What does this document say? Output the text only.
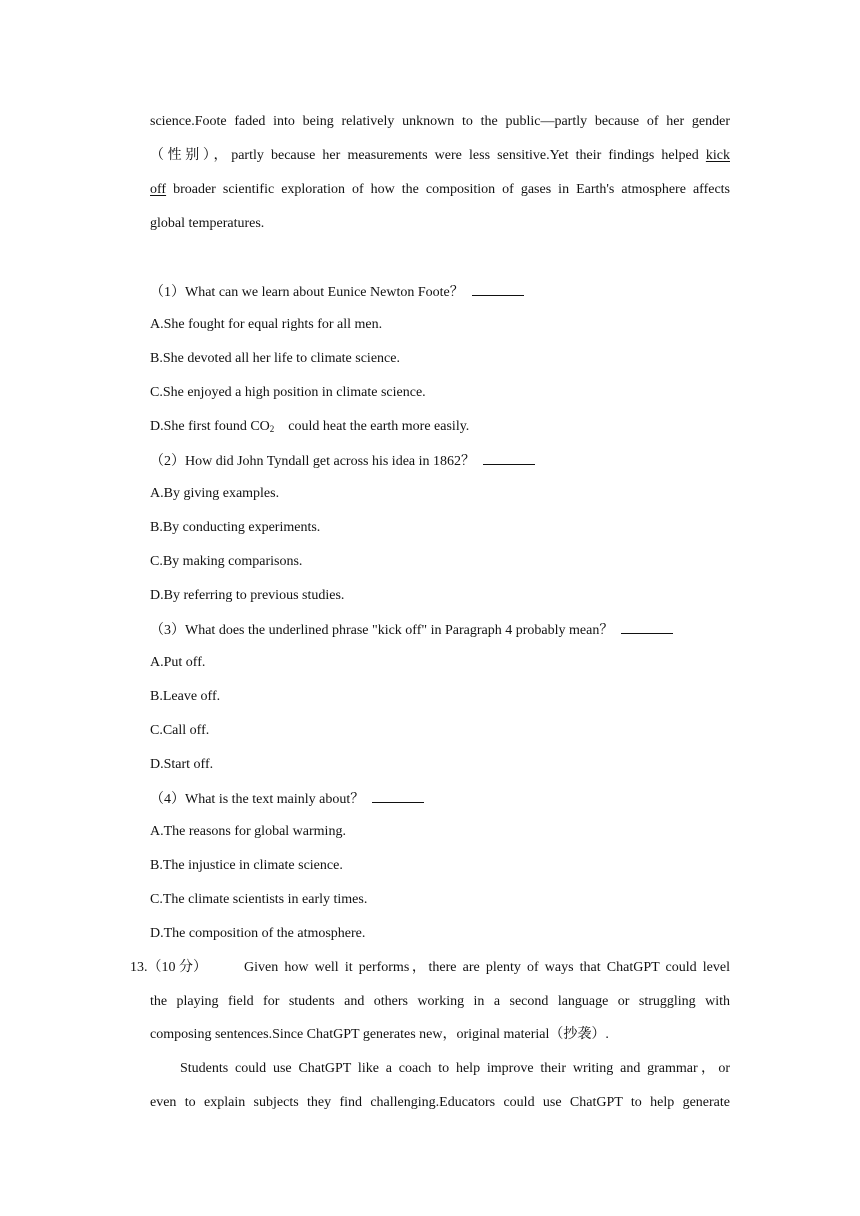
science.Foote faded into being relatively unknown to the public—partly because of her gender
（性别），partly because her measurements were less sensitive.Yet their findings helped kick
off broader scientific exploration of how the composition of gases in Earth's atmosphere affects
global temperatures.
（1）What can we learn about Eunice Newton Foote？
A.She fought for equal rights for all men.
B.She devoted all her life to climate science.
C.She enjoyed a high position in climate science.
D.She first found $CO_2$ could heat the earth more easily.
（2）How did John Tyndall get across his idea in 1862？
A.By giving examples.
B.By conducting experiments.
C.By making comparisons.
D.By referring to previous studies.
（3）What does the underlined phrase "kick off" in Paragraph 4 probably mean？
A.Put off.
B.Leave off.
C.Call off.
D.Start off.
（4）What is the text mainly about？
A.The reasons for global warming.
B.The injustice in climate science.
C.The climate scientists in early times.
D.The composition of the atmosphere.
13.（10 分）	Given how well it performs，there are plenty of ways that ChatGPT could level
the playing field for students and others working in a second language or struggling with
composing sentences.Since ChatGPT generates new，original material（抄袭）.
Students could use ChatGPT like a coach to help improve their writing and grammar，or
even to explain subjects they find challenging.Educators could use ChatGPT to help generate
